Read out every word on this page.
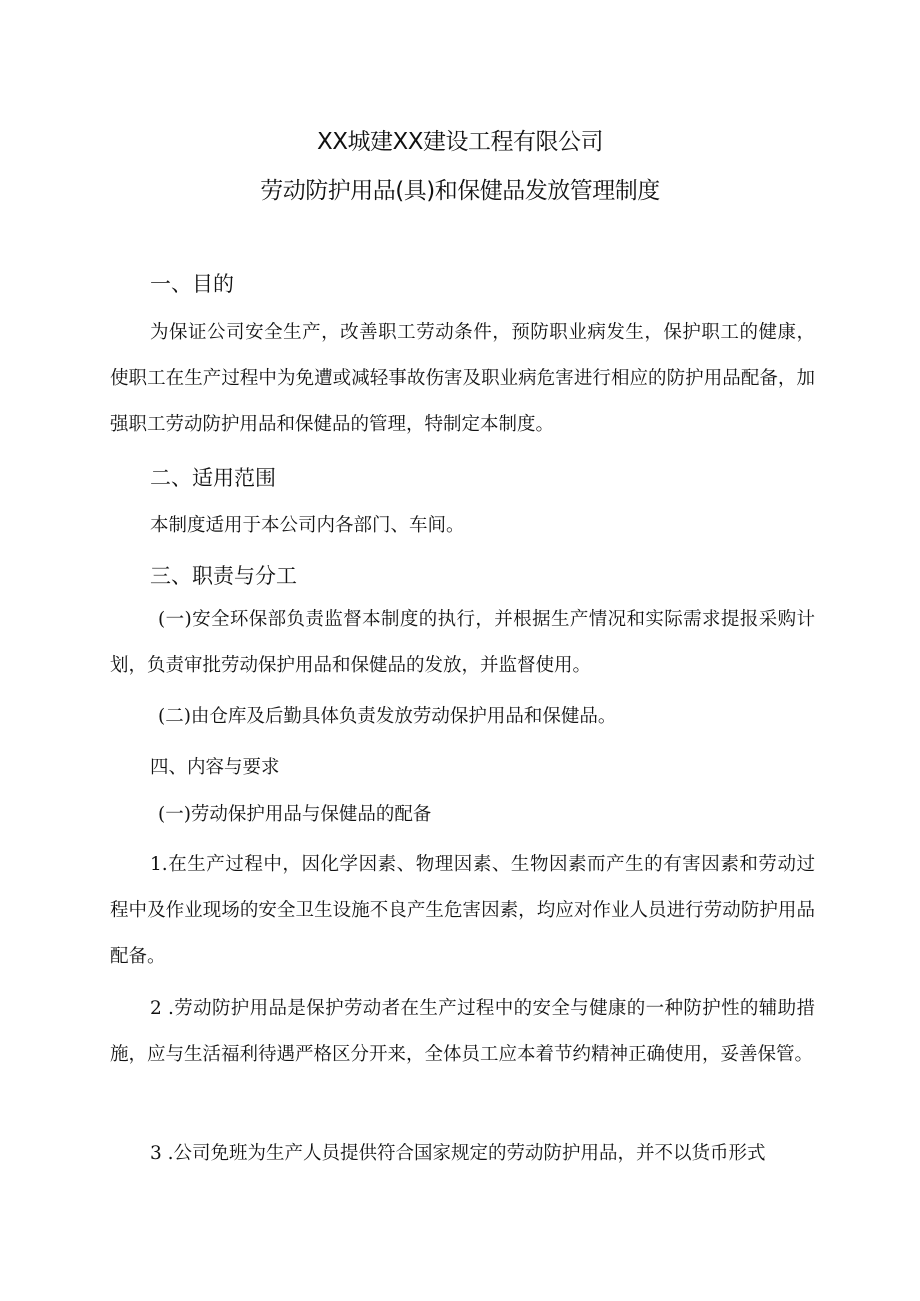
XX城建XX建设工程有限公司
劳动防护用品(具)和保健品发放管理制度
一、目的

为保证公司安全生产，改善职工劳动条件，预防职业病发生，保护职工的健康，使职工在生产过程中为免遭或减轻事故伤害及职业病危害进行相应的防护用品配备，加强职工劳动防护用品和保健品的管理，特制定本制度。

二、适用范围
本制度适用于本公司内各部门、车间。
三、职责与分工

(一)安全环保部负责监督本制度的执行，并根据生产情况和实际需求提报采购计划，负责审批劳动保护用品和保健品的发放，并监督使用。

(二)由仓库及后勤具体负责发放劳动保护用品和保健品。
四、内容与要求
(一)劳动保护用品与保健品的配备

1.在生产过程中，因化学因素、物理因素、生物因素而产生的有害因素和劳动过程中及作业现场的安全卫生设施不良产生危害因素，均应对作业人员进行劳动防护用品配备。

2 .劳动防护用品是保护劳动者在生产过程中的安全与健康的一种防护性的辅助措施，应与生活福利待遇严格区分开来，全体员工应本着节约精神正确使用，妥善保管。

3 .公司免班为生产人员提供符合国家规定的劳动防护用品，并不以货币形式
